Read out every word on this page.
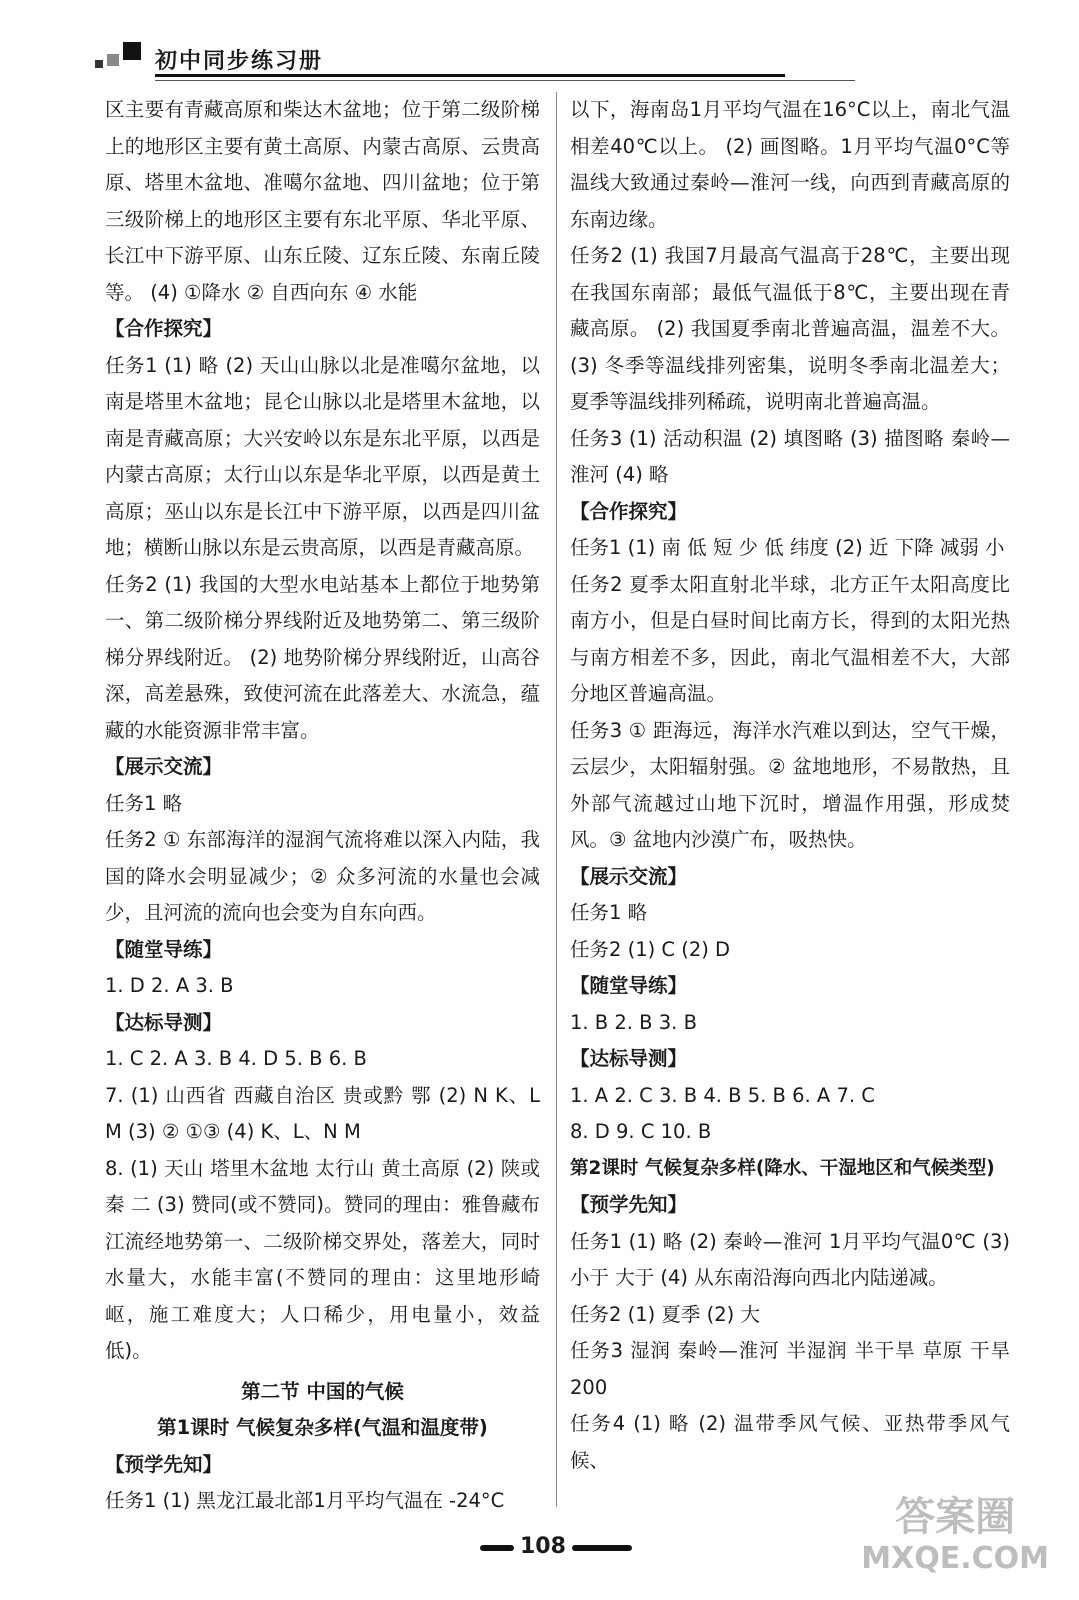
初中同步练习册

区主要有青藏高原和柴达木盆地；位于第二级阶梯上的地形区主要有黄土高原、内蒙古高原、云贵高原、塔里木盆地、准噶尔盆地、四川盆地；位于第三级阶梯上的地形区主要有东北平原、华北平原、长江中下游平原、山东丘陵、辽东丘陵、东南丘陵等。 (4) ①降水 ② 自西向东 ④ 水能

【合作探究】

任务1 (1) 略 (2) 天山山脉以北是准噶尔盆地，以南是塔里木盆地；昆仑山脉以北是塔里木盆地，以南是青藏高原；大兴安岭以东是东北平原，以西是内蒙古高原；太行山以东是华北平原，以西是黄土高原；巫山以东是长江中下游平原，以西是四川盆地；横断山脉以东是云贵高原，以西是青藏高原。

任务2 (1) 我国的大型水电站基本上都位于地势第一、第二级阶梯分界线附近及地势第二、第三级阶梯分界线附近。 (2) 地势阶梯分界线附近，山高谷深，高差悬殊，致使河流在此落差大、水流急，蕴藏的水能资源非常丰富。

【展示交流】

任务1 略

任务2 ① 东部海洋的湿润气流将难以深入内陆，我国的降水会明显减少；② 众多河流的水量也会减少，且河流的流向也会变为自东向西。

【随堂导练】

1. D 2. A 3. B

【达标导测】

1. C 2. A 3. B 4. D 5. B 6. B

7. (1) 山西省 西藏自治区 贵或黔 鄂 (2) N K、L M (3) ② ①③ (4) K、L、N M

8. (1) 天山 塔里木盆地 太行山 黄土高原 (2) 陕或秦 二 (3) 赞同(或不赞同)。赞同的理由：雅鲁藏布江流经地势第一、二级阶梯交界处，落差大，同时水量大，水能丰富(不赞同的理由：这里地形崎岖，施工难度大；人口稀少，用电量小，效益低)。

第二节 中国的气候

第1课时 气候复杂多样(气温和温度带)

【预学先知】

任务1 (1) 黑龙江最北部1月平均气温在 -24°C

以下，海南岛1月平均气温在16°C以上，南北气温相差40℃以上。 (2) 画图略。1月平均气温0°C等温线大致通过秦岭—淮河一线，向西到青藏高原的东南边缘。

任务2 (1) 我国7月最高气温高于28℃，主要出现在我国东南部；最低气温低于8℃，主要出现在青藏高原。 (2) 我国夏季南北普遍高温，温差不大。(3) 冬季等温线排列密集，说明冬季南北温差大；夏季等温线排列稀疏，说明南北普遍高温。

任务3 (1) 活动积温 (2) 填图略 (3) 描图略 秦岭—淮河 (4) 略

【合作探究】

任务1 (1) 南 低 短 少 低 纬度 (2) 近 下降 减弱 小

任务2 夏季太阳直射北半球，北方正午太阳高度比南方小，但是白昼时间比南方长，得到的太阳光热与南方相差不多，因此，南北气温相差不大，大部分地区普遍高温。

任务3 ① 距海远，海洋水汽难以到达，空气干燥，云层少，太阳辐射强。② 盆地地形，不易散热，且外部气流越过山地下沉时，增温作用强，形成焚风。③ 盆地内沙漠广布，吸热快。

【展示交流】

任务1 略

任务2 (1) C (2) D

【随堂导练】

1. B 2. B 3. B

【达标导测】

1. A 2. C 3. B 4. B 5. B 6. A 7. C

8. D 9. C 10. B

第2课时 气候复杂多样(降水、干湿地区和气候类型)

【预学先知】

任务1 (1) 略 (2) 秦岭—淮河 1月平均气温0℃ (3) 小于 大于 (4) 从东南沿海向西北内陆递减。

任务2 (1) 夏季 (2) 大

任务3 湿润 秦岭—淮河 半湿润 半干旱 草原 干旱 200

任务4 (1) 略 (2) 温带季风气候、亚热带季风气候、

108
答案圈
MXQE.COM
